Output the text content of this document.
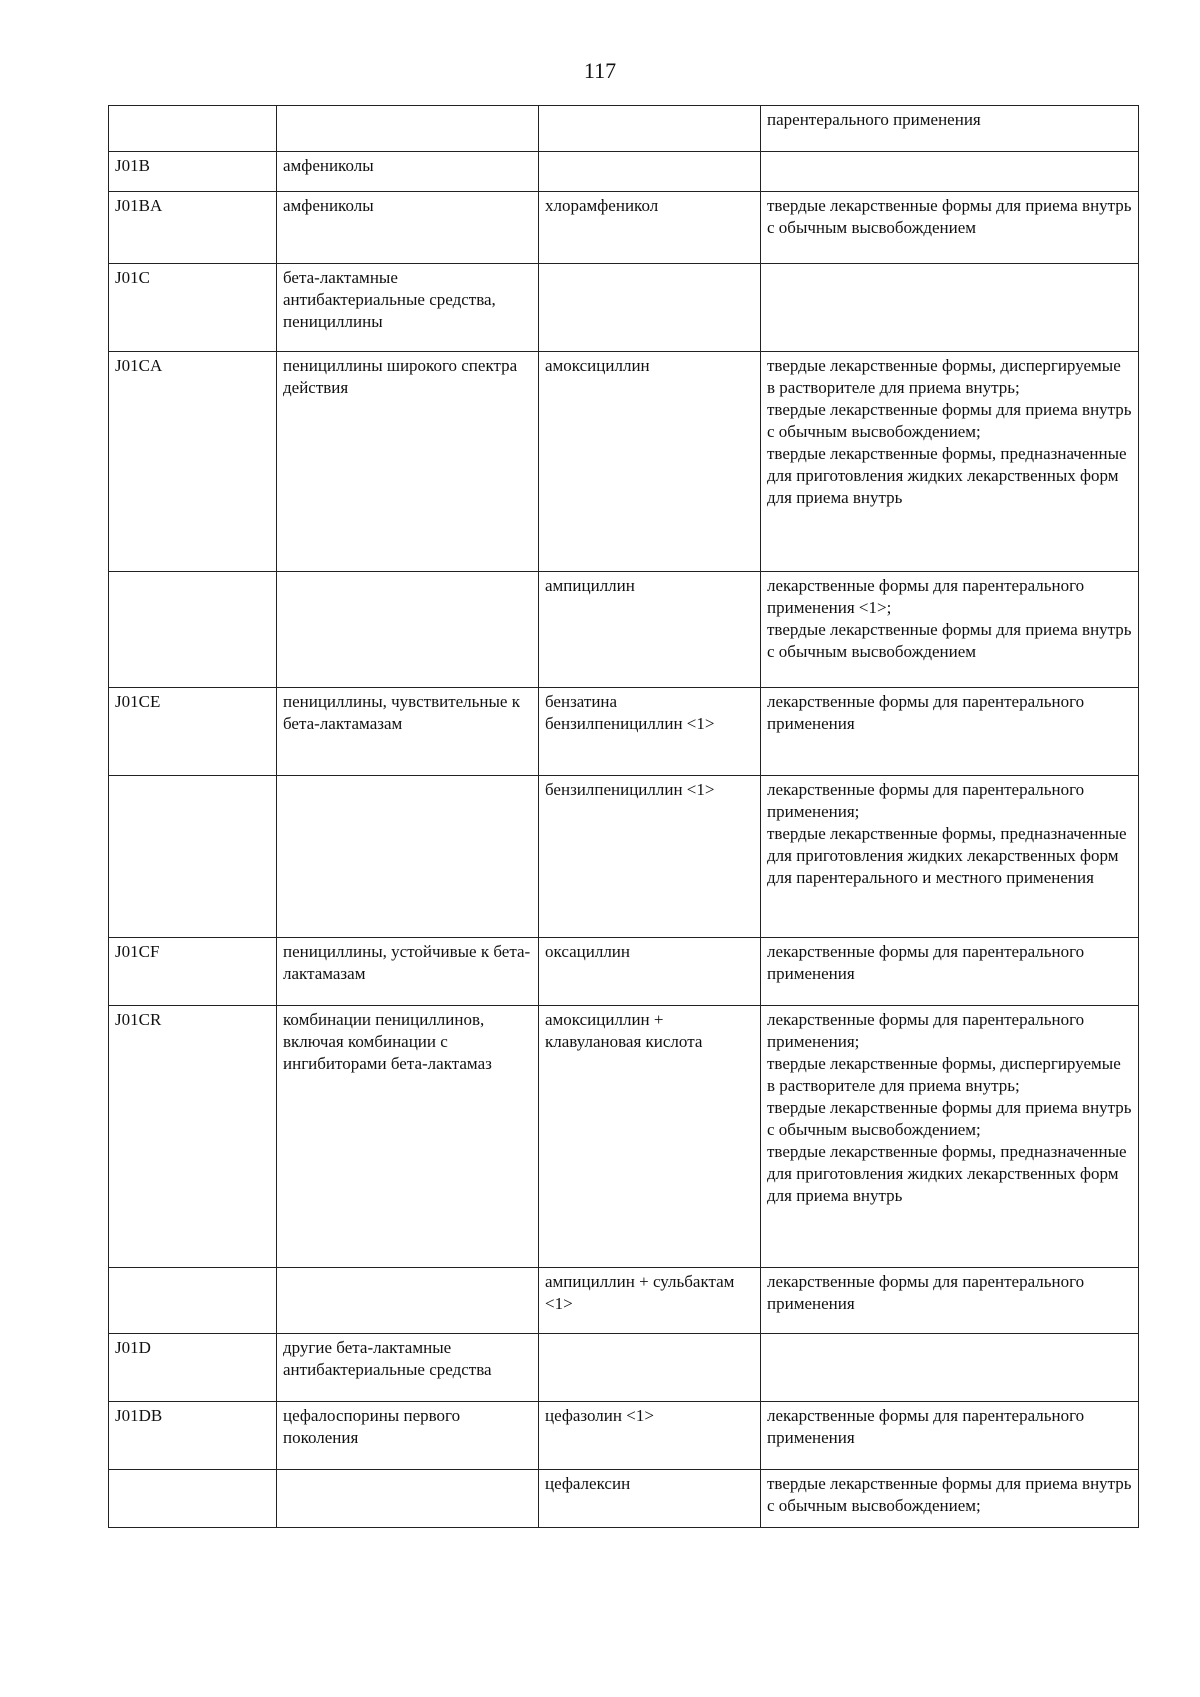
117
			парентерального применения
J01B	амфениколы		
J01BA	амфениколы	хлорамфеникол	твердые лекарственные формы для приема внутрь с обычным высвобождением
J01C	бета-лактамные антибактериальные средства, пенициллины		
J01CA	пенициллины широкого спектра действия	амоксициллин	твердые лекарственные формы, диспергируемые в растворителе для приема внутрь;
твердые лекарственные формы для приема внутрь с обычным высвобождением;
твердые лекарственные формы, предназначенные для приготовления жидких лекарственных форм для приема внутрь
		ампициллин	лекарственные формы для парентерального применения <1>;
твердые лекарственные формы для приема внутрь с обычным высвобождением
J01CE	пенициллины, чувствительные к бета-лактамазам	бензатина бензилпенициллин <1>	лекарственные формы для парентерального применения
		бензилпенициллин <1>	лекарственные формы для парентерального применения;
твердые лекарственные формы, предназначенные для приготовления жидких лекарственных форм для парентерального и местного применения
J01CF	пенициллины, устойчивые к бета-лактамазам	оксациллин	лекарственные формы для парентерального применения
J01CR	комбинации пенициллинов, включая комбинации с ингибиторами бета-лактамаз	амоксициллин + клавулановая кислота	лекарственные формы для парентерального применения;
твердые лекарственные формы, диспергируемые в растворителе для приема внутрь;
твердые лекарственные формы для приема внутрь с обычным высвобождением;
твердые лекарственные формы, предназначенные для приготовления жидких лекарственных форм для приема внутрь
		ампициллин + сульбактам <1>	лекарственные формы для парентерального применения
J01D	другие бета-лактамные антибактериальные средства		
J01DB	цефалоспорины первого поколения	цефазолин <1>	лекарственные формы для парентерального применения
		цефалексин	твердые лекарственные формы для приема внутрь с обычным высвобождением;
